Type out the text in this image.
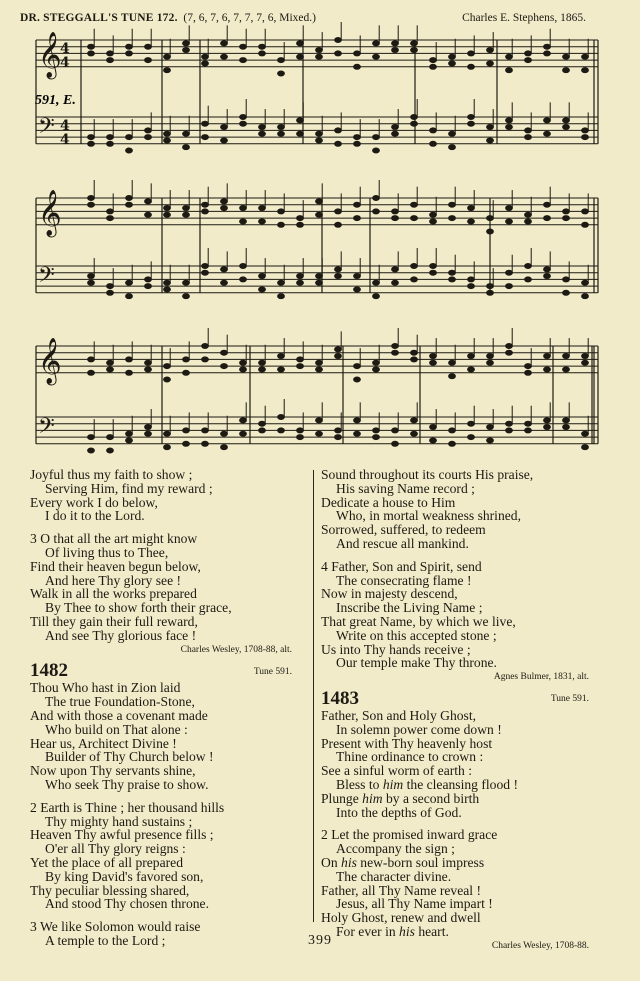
DR. STEGGALL'S TUNE 172. (7, 6, 7, 6, 7, 7, 7, 6, Mixed.)	Charles E. Stephens, 1865.
𝄞
4
4
𝄢 4
4
𝄞
𝄢
𝄞
𝄢
591, E.
Joyful thus my faith to show ;
Serving Him, find my reward ;
Every work I do below,
I do it to the Lord.
3 O that all the art might know
Of living thus to Thee,
Find their heaven begun below,
And here Thy glory see !
Walk in all the works prepared
By Thee to show forth their grace,
Till they gain their full reward,
And see Thy glorious face !
Charles Wesley, 1708-88, alt.
1482	Tune 591.
Thou Who hast in Zion laid
The true Foundation-Stone,
And with those a covenant made
Who build on That alone :
Hear us, Architect Divine !
Builder of Thy Church below !
Now upon Thy servants shine,
Who seek Thy praise to show.
2 Earth is Thine ; her thousand hills
Thy mighty hand sustains ;
Heaven Thy awful presence fills ;
O'er all Thy glory reigns :
Yet the place of all prepared
By king David's favored son,
Thy peculiar blessing shared,
And stood Thy chosen throne.
3 We like Solomon would raise
A temple to the Lord ;
Sound throughout its courts His praise,
His saving Name record ;
Dedicate a house to Him
Who, in mortal weakness shrined,
Sorrowed, suffered, to redeem
And rescue all mankind.
4 Father, Son and Spirit, send
The consecrating flame !
Now in majesty descend,
Inscribe the Living Name ;
That great Name, by which we live,
Write on this accepted stone ;
Us into Thy hands receive ;
Our temple make Thy throne.
Agnes Bulmer, 1831, alt.
1483	Tune 591.
Father, Son and Holy Ghost,
In solemn power come down !
Present with Thy heavenly host
Thine ordinance to crown :
See a sinful worm of earth :
Bless to him the cleansing flood !
Plunge him by a second birth
Into the depths of God.
2 Let the promised inward grace
Accompany the sign ;
On his new-born soul impress
The character divine.
Father, all Thy Name reveal !
Jesus, all Thy Name impart !
Holy Ghost, renew and dwell
For ever in his heart.
Charles Wesley, 1708-88.
399
